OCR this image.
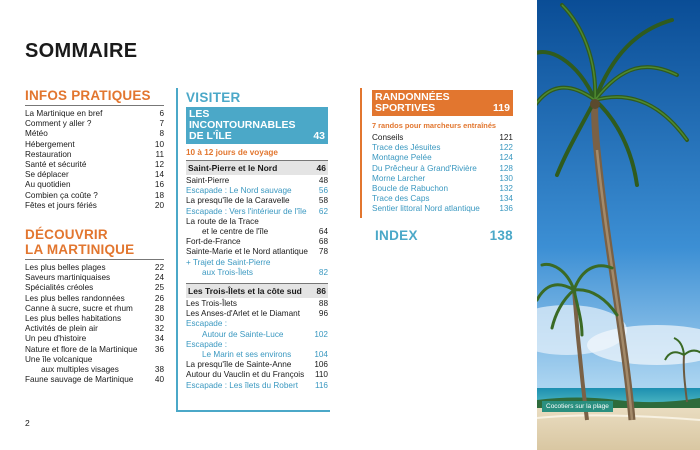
SOMMAIRE
INFOS PRATIQUES
La Martinique en bref	6
Comment y aller ?	7
Météo	8
Hébergement	10
Restauration	11
Santé et sécurité	12
Se déplacer	14
Au quotidien	16
Combien ça coûte ?	18
Fêtes et jours fériés	20
DÉCOUVRIR
LA MARTINIQUE
Les plus belles plages	22
Saveurs martiniquaises	24
Spécialités créoles	25
Les plus belles randonnées	26
Canne à sucre, sucre et rhum	28
Les plus belles habitations	30
Activités de plein air	32
Un peu d'histoire	34
Nature et flore de la Martinique 36
Une île volcanique
aux multiples visages	38
Faune sauvage de Martinique	40
VISITER
LES INCONTOURNABLES
DE L'ÎLE	43
10 à 12 jours de voyage
Saint-Pierre et le Nord	46
Saint-Pierre	48
Escapade : Le Nord sauvage	56
La presqu'île de la Caravelle	58
Escapade : Vers l'intérieur de l'île 62
La route de la Trace
et le centre de l'île	64
Fort-de-France	68
Sainte-Marie et le Nord atlantique 78
+ Trajet de Saint-Pierre
aux Trois-Îlets	82
Les Trois-Îlets et la côte sud 86
Les Trois-Îlets	88
Les Anses-d'Arlet et le Diamant 96
Escapade :
Autour de Sainte-Luce	102
Escapade :
Le Marin et ses environs	104
La presqu'île de Sainte-Anne	106
Autour du Vauclin et du François 110
Escapade : Les îlets du Robert 116
RANDONNÉES
SPORTIVES	119
7 randos pour marcheurs entraînés
Conseils	121
Trace des Jésuites	122
Montagne Pelée	124
Du Prêcheur à Grand'Rivière	128
Morne Larcher	130
Boucle de Rabuchon	132
Trace des Caps	134
Sentier littoral Nord atlantique 136
INDEX	138
2
Cocotiers sur la plage
